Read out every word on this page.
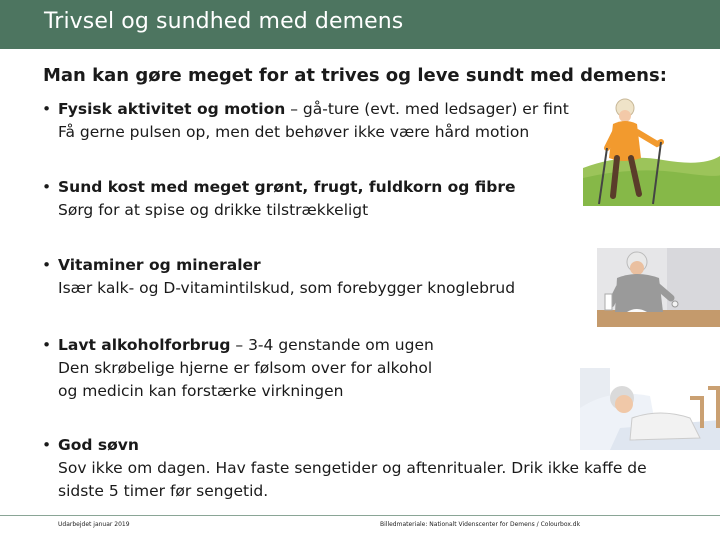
Trivsel og sundhed med demens
Man kan gøre meget for at trives og leve sundt med demens:
• Fysisk aktivitet og motion – gå-ture (evt. med ledsager) er fint
Få gerne pulsen op, men det behøver ikke være hård motion
• Sund kost med meget grønt, frugt, fuldkorn og fibre
Sørg for at spise og drikke tilstrækkeligt
• Vitaminer og mineraler
Især kalk- og D-vitamintilskud, som forebygger knoglebrud
• Lavt alkoholforbrug – 3-4 genstande om ugen
Den skrøbelige hjerne er følsom over for alkohol
og medicin kan forstærke virkningen
• God søvn
Sov ikke om dagen. Hav faste sengetider og aftenritualer. Drik ikke kaffe de
sidste 5 timer før sengetid.
Udarbejdet januar 2019	Billedmateriale: Nationalt Videnscenter for Demens / Colourbox.dk
